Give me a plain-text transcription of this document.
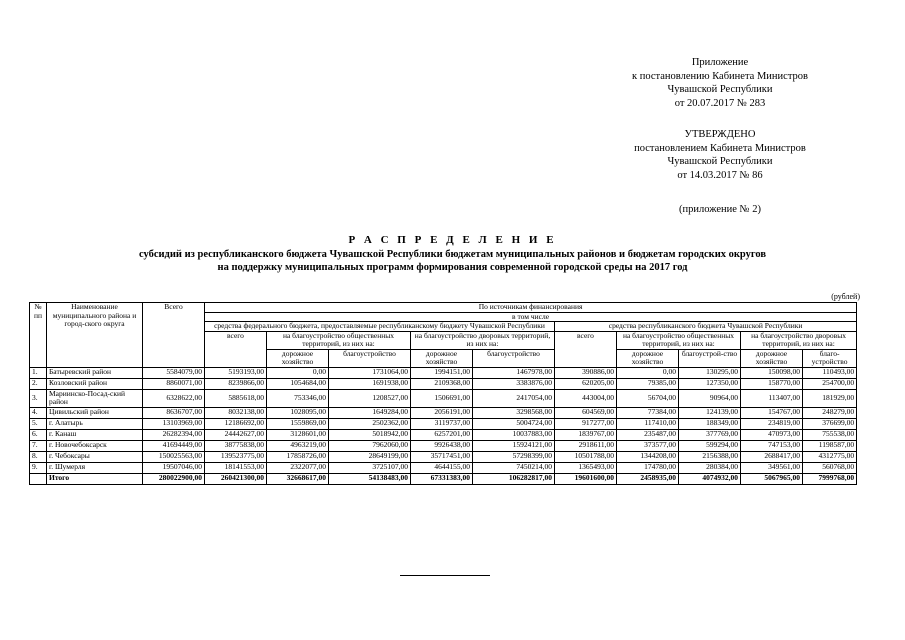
Приложение
к постановлению Кабинета Министров
Чувашской Республики
от 20.07.2017 № 283
УТВЕРЖДЕНО
постановлением Кабинета Министров
Чувашской Республики
от 14.03.2017 № 86
(приложение № 2)
Р А С П Р Е Д Е Л Е Н И Е
субсидий из республиканского бюджета Чувашской Республики бюджетам муниципальных районов и бюджетам городских округов
на поддержку муниципальных программ формирования современной городской среды на 2017 год
(рублей)
№ пп	Наименование муниципального района и город-ского округа	Всего	По источникам финансирования									
			в том числе									
			средства федерального бюджета, предоставляемые республиканскому бюджету Чувашской Республики					средства республиканского бюджета Чувашской Республики				
			всего	на благоустройство общественных территорий, из них на:		на благоустройство дворовых территорий, из них на:		всего	на благоустройство общественных территорий, из них на:		на благоустройство дворовых территорий, из них на:	
				дорожное хозяйство	благоустройство	дорожное хозяйство	благоустройство		дорожное хозяйство	благоустрой-ство	дорожное хозяйство	благо-устройство
1.	Батыревский район	5584079,00	5193193,00	0,00	1731064,00	1994151,00	1467978,00	390886,00	0,00	130295,00	150098,00	110493,00
2.	Козловский район	8860071,00	8239866,00	1054684,00	1691938,00	2109368,00	3383876,00	620205,00	79385,00	127350,00	158770,00	254700,00
3.	Мариинско-Посад-ский район	6328622,00	5885618,00	753346,00	1208527,00	1506691,00	2417054,00	443004,00	56704,00	90964,00	113407,00	181929,00
4.	Цивильский район	8636707,00	8032138,00	1028095,00	1649284,00	2056191,00	3298568,00	604569,00	77384,00	124139,00	154767,00	248279,00
5.	г. Алатырь	13103969,00	12186692,00	1559869,00	2502362,00	3119737,00	5004724,00	917277,00	117410,00	188349,00	234819,00	376699,00
6.	г. Канаш	26282394,00	24442627,00	3128601,00	5018942,00	6257201,00	10037883,00	1839767,00	235487,00	377769,00	470973,00	755538,00
7.	г. Новочебоксарск	41694449,00	38775838,00	4963219,00	7962060,00	9926438,00	15924121,00	2918611,00	373577,00	599294,00	747153,00	1198587,00
8.	г. Чебоксары	150025563,00	139523775,00	17858726,00	28649199,00	35717451,00	57298399,00	10501788,00	1344208,00	2156388,00	2688417,00	4312775,00
9.	г. Шумерля	19507046,00	18141553,00	2322077,00	3725107,00	4644155,00	7450214,00	1365493,00	174780,00	280384,00	349561,00	560768,00
	Итого	280022900,00	260421300,00	32668617,00	54138483,00	67331383,00	106282817,00	19601600,00	2458935,00	4074932,00	5067965,00	7999768,00
